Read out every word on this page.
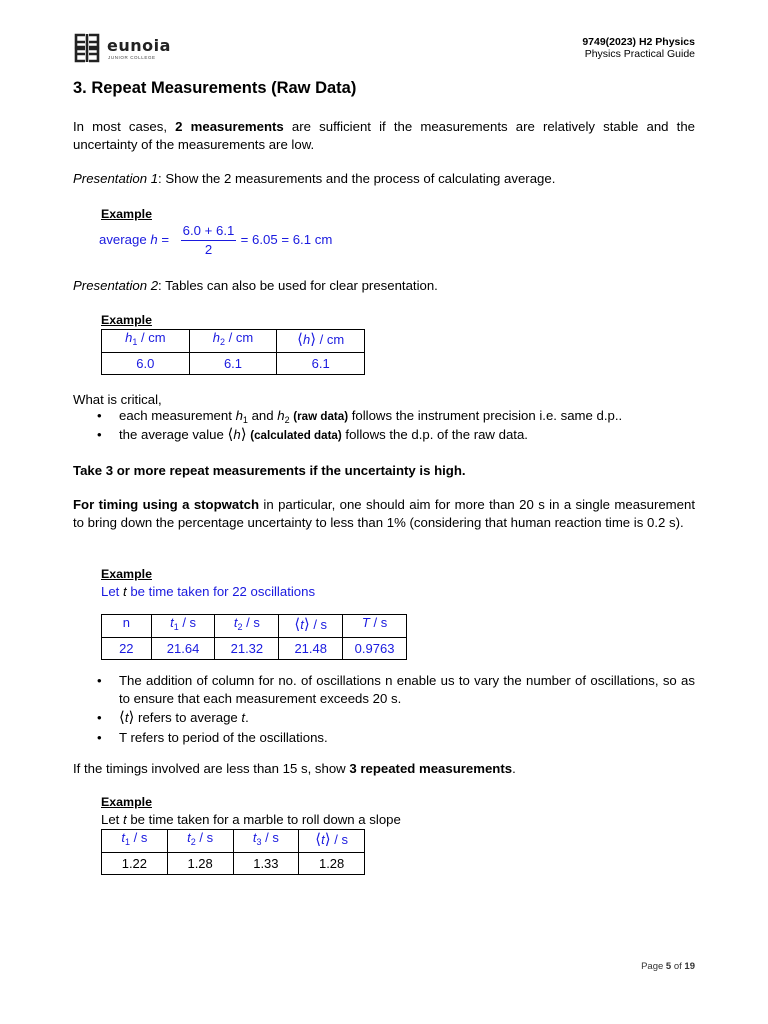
eunoia
JUNIOR COLLEGE
9749(2023) H2 Physics
Physics Practical Guide
3. Repeat Measurements (Raw Data)
In most cases, 2 measurements are sufficient if the measurements are relatively stable and the uncertainty of the measurements are low.
Presentation 1: Show the 2 measurements and the process of calculating average.
Example
average h =
6.0 + 6.1
2
= 6.05 = 6.1 cm
Presentation 2: Tables can also be used for clear presentation.
Example
$h_1$ / cm	$h_2$ / cm	⟨h⟩ / cm
6.0	6.1	6.1
What is critical,
• each measurement $h_1$ and $h_2$ (raw data) follows the instrument precision i.e. same d.p..
• the average value ⟨h⟩ (calculated data) follows the d.p. of the raw data.
Take 3 or more repeat measurements if the uncertainty is high.
For timing using a stopwatch in particular, one should aim for more than 20 s in a single measurement to bring down the percentage uncertainty to less than 1% (considering that human reaction time is 0.2 s).
Example
Let t be time taken for 22 oscillations
n	$t_1$ / s	$t_2$ / s	⟨t⟩ / s	T / s
22	21.64	21.32	21.48	0.9763
• The addition of column for no. of oscillations n enable us to vary the number of oscillations, so as to ensure that each measurement exceeds 20 s.
• ⟨t⟩ refers to average t.
• T refers to period of the oscillations.
If the timings involved are less than 15 s, show 3 repeated measurements.
Example
Let t be time taken for a marble to roll down a slope
$t_1$ / s	$t_2$ / s	$t_3$ / s	⟨t⟩ / s
1.22	1.28	1.33	1.28
Page 5 of 19
